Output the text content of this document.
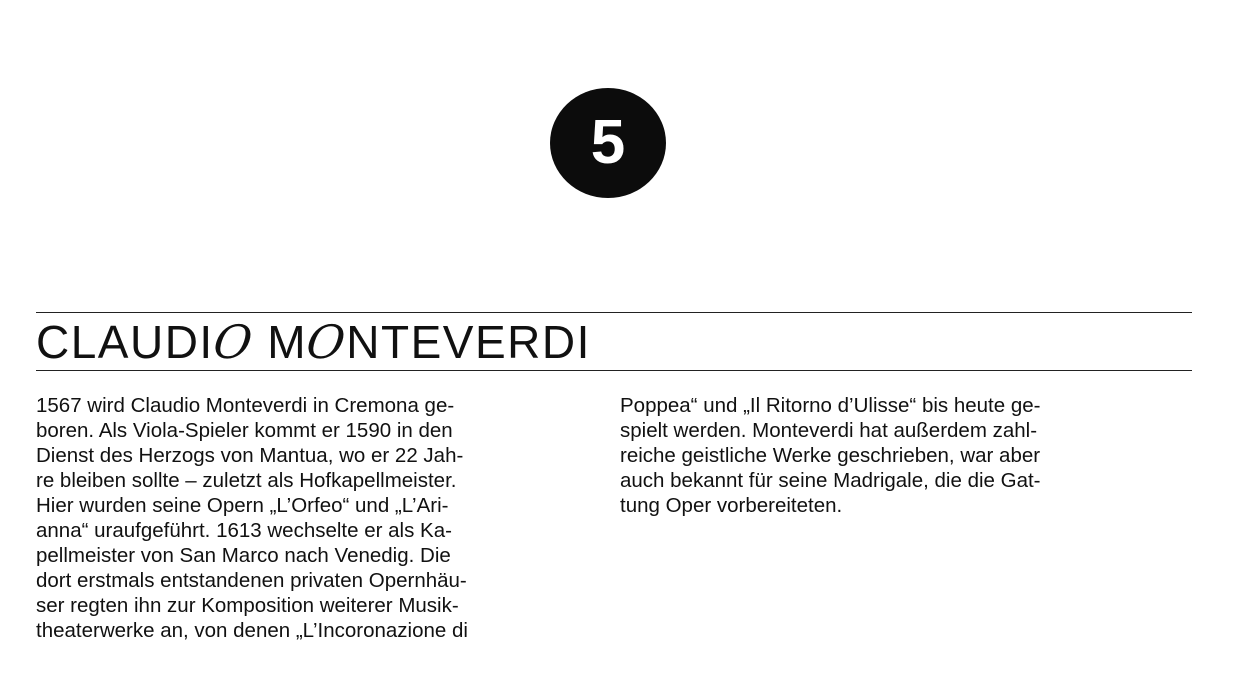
5
CLAUDIO MONTEVERDI
1567 wird Claudio Monteverdi in Cremona ge-
boren. Als Viola-Spieler kommt er 1590 in den
Dienst des Herzogs von Mantua, wo er 22 Jah-
re bleiben sollte – zuletzt als Hofkapellmeister.
Hier wurden seine Opern „L’Orfeo“ und „L’Ari-
anna“ uraufgeführt. 1613 wechselte er als Ka-
pellmeister von San Marco nach Venedig. Die
dort erstmals entstandenen privaten Opernhäu-
ser regten ihn zur Komposition weiterer Musik-
theaterwerke an, von denen „L’Incoronazione di
Poppea“ und „Il Ritorno d’Ulisse“ bis heute ge-
spielt werden. Monteverdi hat außerdem zahl-
reiche geistliche Werke geschrieben, war aber
auch bekannt für seine Madrigale, die die Gat-
tung Oper vorbereiteten.
